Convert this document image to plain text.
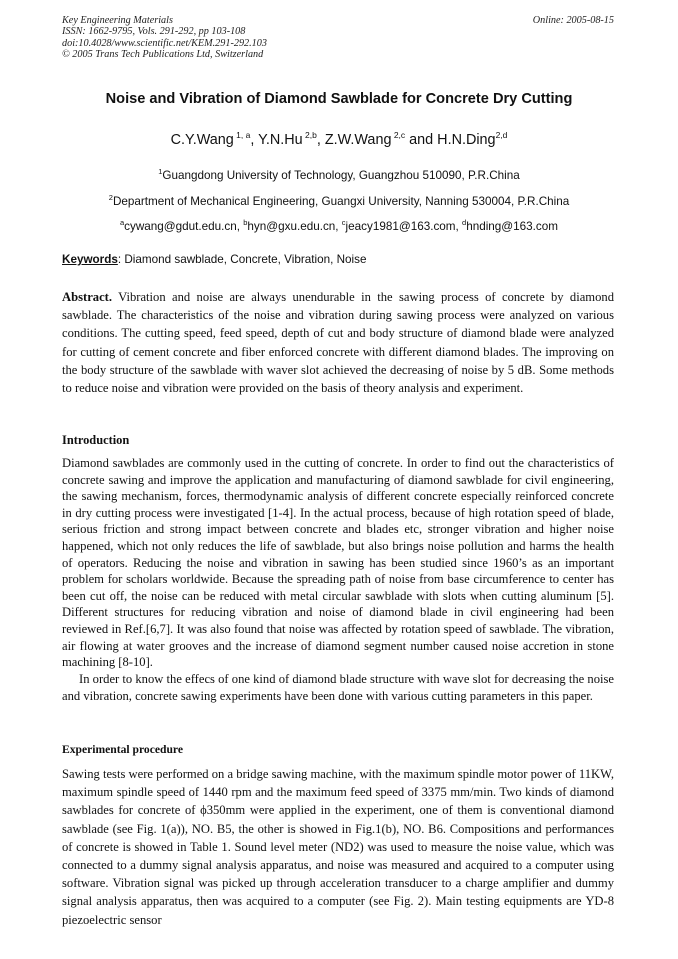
Key Engineering Materials
ISSN: 1662-9795, Vols. 291-292, pp 103-108
doi:10.4028/www.scientific.net/KEM.291-292.103
© 2005 Trans Tech Publications Ltd, Switzerland
Online: 2005-08-15
Noise and Vibration of Diamond Sawblade for Concrete Dry Cutting
C.Y.Wang $^{1, a}$, Y.N.Hu $^{2,b}$, Z.W.Wang $^{2,c}$ and H.N.Ding$^{2,d}$
$^1$Guangdong University of Technology, Guangzhou 510090, P.R.China
$^2$Department of Mechanical Engineering, Guangxi University, Nanning 530004, P.R.China
$^a$cywang@gdut.edu.cn, $^b$hyn@gxu.edu.cn, $^c$jeacy1981@163.com, $^d$hnding@163.com
Keywords: Diamond sawblade, Concrete, Vibration, Noise

Abstract. Vibration and noise are always unendurable in the sawing process of concrete by diamond sawblade. The characteristics of the noise and vibration during sawing process were analyzed on various conditions. The cutting speed, feed speed, depth of cut and body structure of diamond blade were analyzed for cutting of cement concrete and fiber enforced concrete with different diamond blades. The improving on the body structure of the sawblade with waver slot achieved the decreasing of noise by 5 dB. Some methods to reduce noise and vibration were provided on the basis of theory analysis and experiment.

Introduction

Diamond sawblades are commonly used in the cutting of concrete. In order to find out the characteristics of concrete sawing and improve the application and manufacturing of diamond sawblade for civil engineering, the sawing mechanism, forces, thermodynamic analysis of different concrete especially reinforced concrete in dry cutting process were investigated [1-4]. In the actual process, because of high rotation speed of blade, serious friction and strong impact between concrete and blades etc, stronger vibration and higher noise happened, which not only reduces the life of sawblade, but also brings noise pollution and harms the health of operators. Reducing the noise and vibration in sawing has been studied since 1960’s as an important problem for scholars worldwide. Because the spreading path of noise from base circumference to center has been cut off, the noise can be reduced with metal circular sawblade with slots when cutting aluminum [5]. Different structures for reducing vibration and noise of diamond blade in civil engineering had been reviewed in Ref.[6,7]. It was also found that noise was affected by rotation speed of sawblade. The vibration, air flowing at water grooves and the increase of diamond segment number caused noise accretion in stone machining [8-10].

In order to know the effecs of one kind of diamond blade structure with wave slot for decreasing the noise and vibration, concrete sawing experiments have been done with various cutting parameters in this paper.

Experimental procedure

Sawing tests were performed on a bridge sawing machine, with the maximum spindle motor power of 11KW, maximum spindle speed of 1440 rpm and the maximum feed speed of 3375 mm/min. Two kinds of diamond sawblades for concrete of ϕ350mm were applied in the experiment, one of them is conventional diamond sawblade (see Fig. 1(a)), NO. B5, the other is showed in Fig.1(b), NO. B6. Compositions and performances of concrete is showed in Table 1. Sound level meter (ND2) was used to measure the noise value, which was connected to a dummy signal analysis apparatus, and noise was measured and acquired to a computer using software. Vibration signal was picked up through acceleration transducer to a charge amplifier and dummy signal analysis apparatus, then was acquired to a computer (see Fig. 2). Main testing equipments are YD-8 piezoelectric sensor
